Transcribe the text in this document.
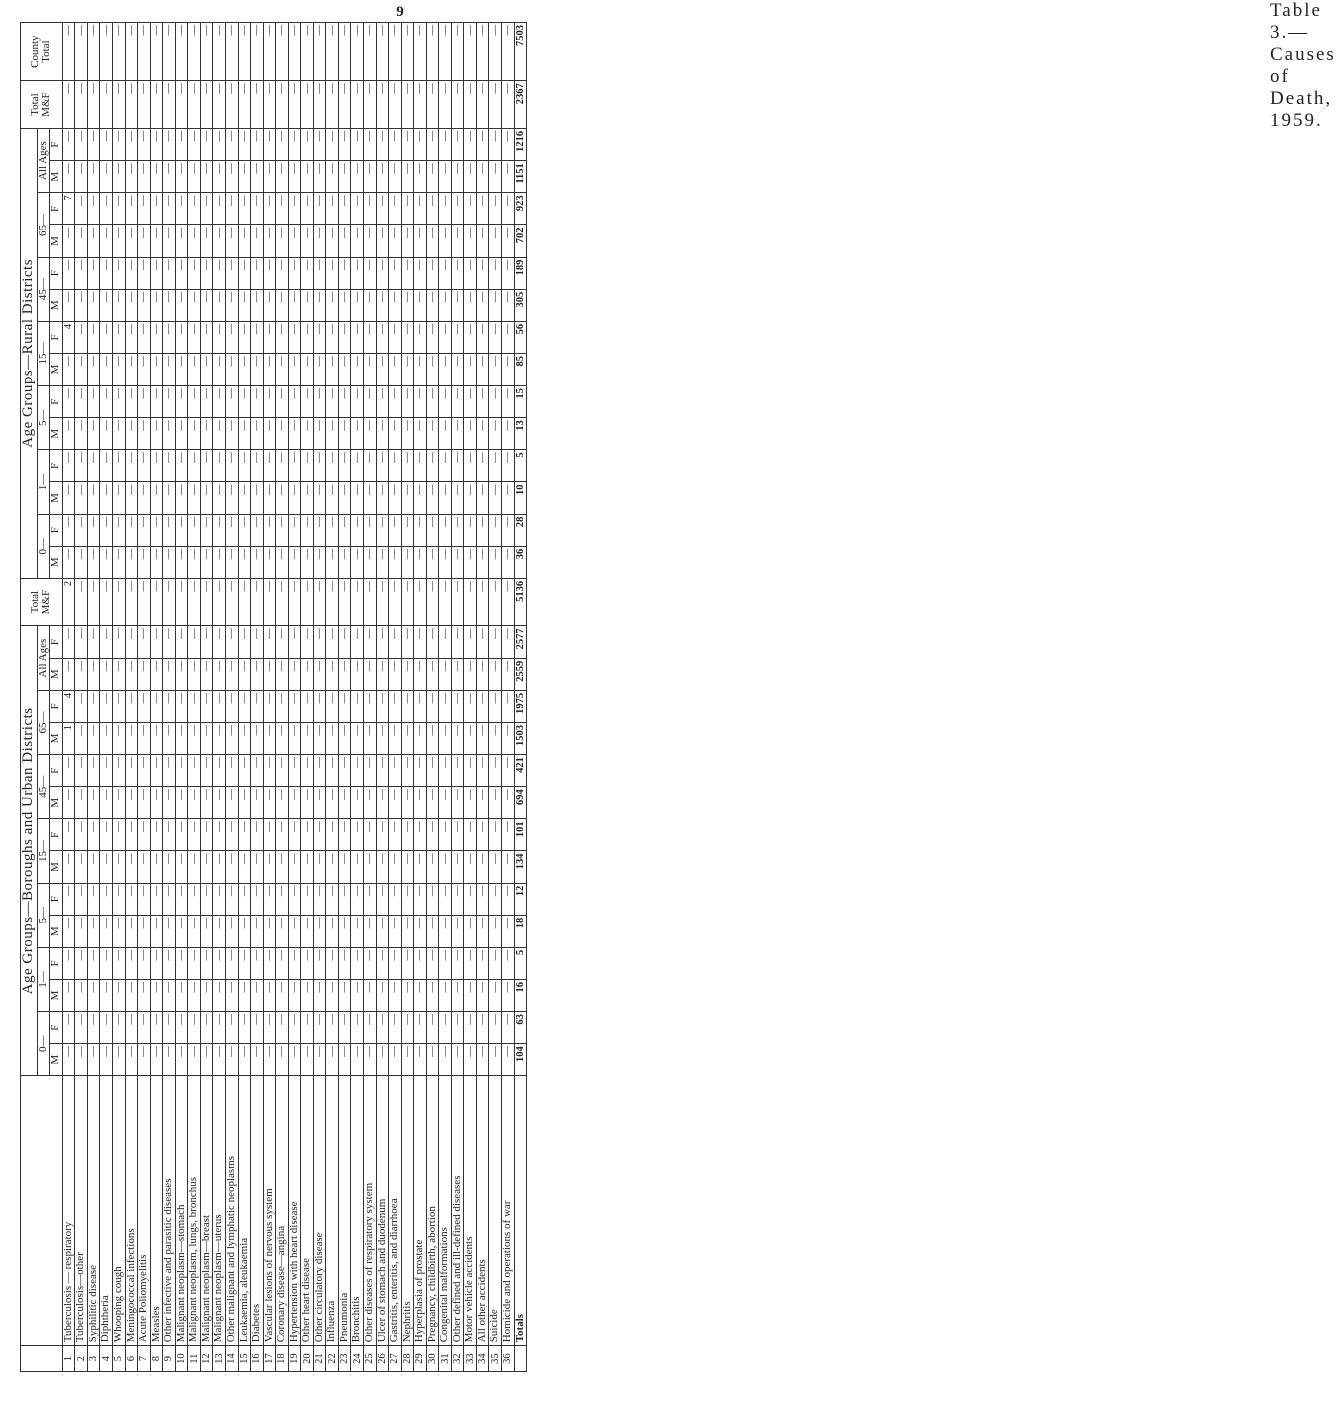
9
		Age Groups—Boroughs and Urban Districts														Total M&F	Age Groups—Rural Districts														Total M&F	County Total
		0—		1—		5—		15—		45—		65—		All Ages			0—		1—		5—		15—		45—		65—		All Ages			
		M	F	M	F	M	F	M	F	M	F	M	F	M	F		M	F	M	F	M	F	M	F	M	F	M	F	M	F		
1	Tuberculosis — respiratory	—	—	—	—	—	—	—	—	—	—	1	4	—	—	2	—	—	—	—	—	—	—	4	—	—	—	7	—	—	—	—
2	Tuberculosis—other	—	—	—	—	—	—	—	—	—	—	—	—	—	—	—	—	—	—	—	—	—	—	—	—	—	—	—	—	—	—	—
3	Syphilitic disease	—	—	—	—	—	—	—	—	—	—	—	—	—	—	—	—	—	—	—	—	—	—	—	—	—	—	—	—	—	—	—
4	Diphtheria	—	—	—	—	—	—	—	—	—	—	—	—	—	—	—	—	—	—	—	—	—	—	—	—	—	—	—	—	—	—	—
5	Whooping cough	—	—	—	—	—	—	—	—	—	—	—	—	—	—	—	—	—	—	—	—	—	—	—	—	—	—	—	—	—	—	—
6	Meningococcal infections	—	—	—	—	—	—	—	—	—	—	—	—	—	—	—	—	—	—	—	—	—	—	—	—	—	—	—	—	—	—	—
7	Acute Poliomyelitis	—	—	—	—	—	—	—	—	—	—	—	—	—	—	—	—	—	—	—	—	—	—	—	—	—	—	—	—	—	—	—
8	Measles	—	—	—	—	—	—	—	—	—	—	—	—	—	—	—	—	—	—	—	—	—	—	—	—	—	—	—	—	—	—	—
9	Other infective and parasitic diseases	—	—	—	—	—	—	—	—	—	—	—	—	—	—	—	—	—	—	—	—	—	—	—	—	—	—	—	—	—	—	—
10	Malignant neoplasm—stomach	—	—	—	—	—	—	—	—	—	—	—	—	—	—	—	—	—	—	—	—	—	—	—	—	—	—	—	—	—	—	—
11	Malignant neoplasm, lungs, bronchus	—	—	—	—	—	—	—	—	—	—	—	—	—	—	—	—	—	—	—	—	—	—	—	—	—	—	—	—	—	—	—
12	Malignant neoplasm—breast	—	—	—	—	—	—	—	—	—	—	—	—	—	—	—	—	—	—	—	—	—	—	—	—	—	—	—	—	—	—	—
13	Malignant neoplasm—uterus	—	—	—	—	—	—	—	—	—	—	—	—	—	—	—	—	—	—	—	—	—	—	—	—	—	—	—	—	—	—	—
14	Other malignant and lymphatic neoplasms	—	—	—	—	—	—	—	—	—	—	—	—	—	—	—	—	—	—	—	—	—	—	—	—	—	—	—	—	—	—	—
15	Leukaemia, aleukaemia	—	—	—	—	—	—	—	—	—	—	—	—	—	—	—	—	—	—	—	—	—	—	—	—	—	—	—	—	—	—	—
16	Diabetes	—	—	—	—	—	—	—	—	—	—	—	—	—	—	—	—	—	—	—	—	—	—	—	—	—	—	—	—	—	—	—
17	Vascular lesions of nervous system	—	—	—	—	—	—	—	—	—	—	—	—	—	—	—	—	—	—	—	—	—	—	—	—	—	—	—	—	—	—	—
18	Coronary disease—angina	—	—	—	—	—	—	—	—	—	—	—	—	—	—	—	—	—	—	—	—	—	—	—	—	—	—	—	—	—	—	—
19	Hypertension with heart disease	—	—	—	—	—	—	—	—	—	—	—	—	—	—	—	—	—	—	—	—	—	—	—	—	—	—	—	—	—	—	—
20	Other heart disease	—	—	—	—	—	—	—	—	—	—	—	—	—	—	—	—	—	—	—	—	—	—	—	—	—	—	—	—	—	—	—
21	Other circulatory disease	—	—	—	—	—	—	—	—	—	—	—	—	—	—	—	—	—	—	—	—	—	—	—	—	—	—	—	—	—	—	—
22	Influenza	—	—	—	—	—	—	—	—	—	—	—	—	—	—	—	—	—	—	—	—	—	—	—	—	—	—	—	—	—	—	—
23	Pneumonia	—	—	—	—	—	—	—	—	—	—	—	—	—	—	—	—	—	—	—	—	—	—	—	—	—	—	—	—	—	—	—
24	Bronchitis	—	—	—	—	—	—	—	—	—	—	—	—	—	—	—	—	—	—	—	—	—	—	—	—	—	—	—	—	—	—	—
25	Other diseases of respiratory system	—	—	—	—	—	—	—	—	—	—	—	—	—	—	—	—	—	—	—	—	—	—	—	—	—	—	—	—	—	—	—
26	Ulcer of stomach and duodenum	—	—	—	—	—	—	—	—	—	—	—	—	—	—	—	—	—	—	—	—	—	—	—	—	—	—	—	—	—	—	—
27	Gastritis, enteritis, and diarrhoea	—	—	—	—	—	—	—	—	—	—	—	—	—	—	—	—	—	—	—	—	—	—	—	—	—	—	—	—	—	—	—
28	Nephritis	—	—	—	—	—	—	—	—	—	—	—	—	—	—	—	—	—	—	—	—	—	—	—	—	—	—	—	—	—	—	—
29	Hyperplasia of prostate	—	—	—	—	—	—	—	—	—	—	—	—	—	—	—	—	—	—	—	—	—	—	—	—	—	—	—	—	—	—	—
30	Pregnancy, childbirth, abortion	—	—	—	—	—	—	—	—	—	—	—	—	—	—	—	—	—	—	—	—	—	—	—	—	—	—	—	—	—	—	—
31	Congenital malformations	—	—	—	—	—	—	—	—	—	—	—	—	—	—	—	—	—	—	—	—	—	—	—	—	—	—	—	—	—	—	—
32	Other defined and ill-defined diseases	—	—	—	—	—	—	—	—	—	—	—	—	—	—	—	—	—	—	—	—	—	—	—	—	—	—	—	—	—	—	—
33	Motor vehicle accidents	—	—	—	—	—	—	—	—	—	—	—	—	—	—	—	—	—	—	—	—	—	—	—	—	—	—	—	—	—	—	—
34	All other accidents	—	—	—	—	—	—	—	—	—	—	—	—	—	—	—	—	—	—	—	—	—	—	—	—	—	—	—	—	—	—	—
35	Suicide	—	—	—	—	—	—	—	—	—	—	—	—	—	—	—	—	—	—	—	—	—	—	—	—	—	—	—	—	—	—	—
36	Homicide and operations of war	—	—	—	—	—	—	—	—	—	—	—	—	—	—	—	—	—	—	—	—	—	—	—	—	—	—	—	—	—	—	—
	Totals	104	63	16	5	18	12	134	101	694	421	1503	1975	2559	2577	5136	36	28	10	5	13	15	85	56	305	189	702	923	1151	1216	2367	7503
Table 3.—Causes of Death, 1959.
